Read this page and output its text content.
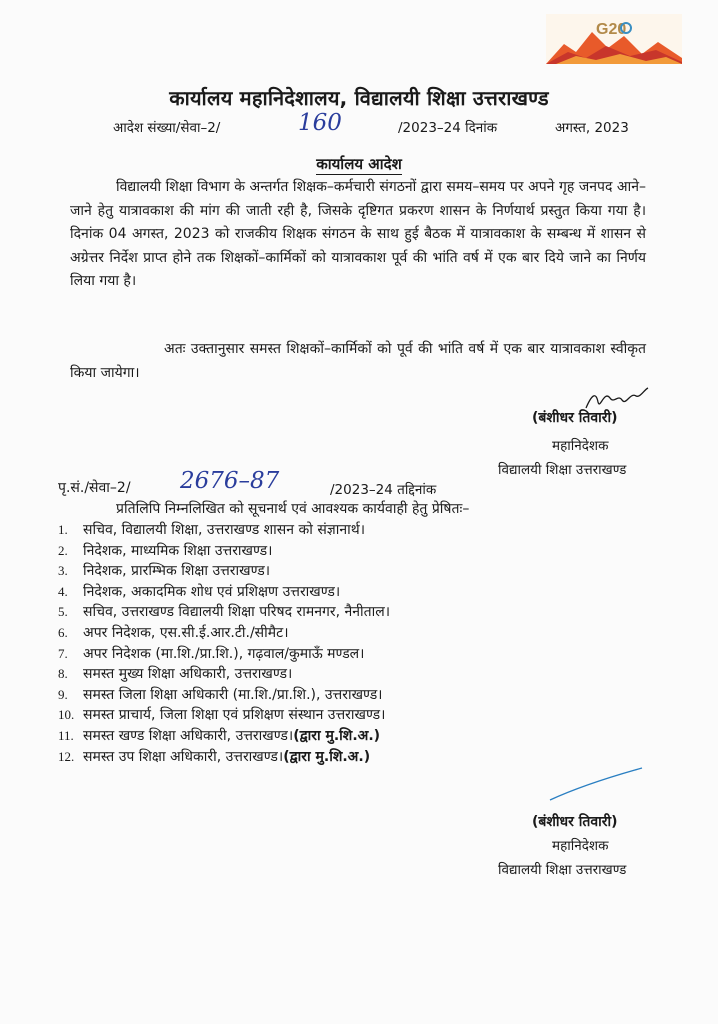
G20
कार्यालय महानिदेशालय, विद्यालयी शिक्षा उत्तराखण्ड
आदेश संख्या/सेवा–2/	160	/2023–24 दिनांक	अगस्त, 2023
कार्यालय आदेश

विद्यालयी शिक्षा विभाग के अन्तर्गत शिक्षक–कर्मचारी संगठनों द्वारा समय–समय पर अपने गृह जनपद आने–जाने हेतु यात्रावकाश की मांग की जाती रही है, जिसके दृष्टिगत प्रकरण शासन के निर्णयार्थ प्रस्तुत किया गया है। दिनांक 04 अगस्त, 2023 को राजकीय शिक्षक संगठन के साथ हुई बैठक में यात्रावकाश के सम्बन्ध में शासन से अग्रेत्तर निर्देश प्राप्त होने तक शिक्षकों–कार्मिकों को यात्रावकाश पूर्व की भांति वर्ष में एक बार दिये जाने का निर्णय लिया गया है।

अतः उक्तानुसार समस्त शिक्षकों–कार्मिकों को पूर्व की भांति वर्ष में एक बार यात्रावकाश स्वीकृत किया जायेगा।

(बंशीधर तिवारी)
महानिदेशक
विद्यालयी शिक्षा उत्तराखण्ड
पृ.सं./सेवा–2/ 2676–87	/2023–24 तद्दिनांक
प्रतिलिपि निम्नलिखित को सूचनार्थ एवं आवश्यक कार्यवाही हेतु प्रेषितः–
1. सचिव, विद्यालयी शिक्षा, उत्तराखण्ड शासन को संज्ञानार्थ।
2. निदेशक, माध्यमिक शिक्षा उत्तराखण्ड।
3. निदेशक, प्रारम्भिक शिक्षा उत्तराखण्ड।
4. निदेशक, अकादमिक शोध एवं प्रशिक्षण उत्तराखण्ड।
5. सचिव, उत्तराखण्ड विद्यालयी शिक्षा परिषद रामनगर, नैनीताल।
6. अपर निदेशक, एस.सी.ई.आर.टी./सीमैट।
7. अपर निदेशक (मा.शि./प्रा.शि.), गढ़वाल/कुमाऊँ मण्डल।
8. समस्त मुख्य शिक्षा अधिकारी, उत्तराखण्ड।
9. समस्त जिला शिक्षा अधिकारी (मा.शि./प्रा.शि.), उत्तराखण्ड।
10. समस्त प्राचार्य, जिला शिक्षा एवं प्रशिक्षण संस्थान उत्तराखण्ड।
11. समस्त खण्ड शिक्षा अधिकारी, उत्तराखण्ड।(द्वारा मु.शि.अ.)
12. समस्त उप शिक्षा अधिकारी, उत्तराखण्ड।(द्वारा मु.शि.अ.)
(बंशीधर तिवारी)
महानिदेशक
विद्यालयी शिक्षा उत्तराखण्ड
